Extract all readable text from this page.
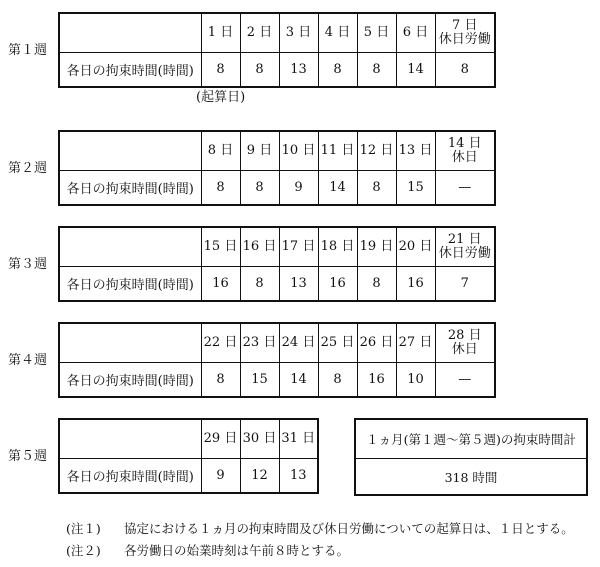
第１週

	1 日	2 日	3 日	4 日	5 日	6 日	7 日
休日労働

各日の拘束時間(時間)	8	8	13	8	8	14	8
第２週

	8 日	9 日	10 日	11 日	12 日	13 日	14 日
休日

各日の拘束時間(時間)	8	8	9	14	8	15	—
第３週

	15 日	16 日	17 日	18 日	19 日	20 日	21 日
休日労働

各日の拘束時間(時間)	16	8	13	16	8	16	7
第４週

	22 日	23 日	24 日	25 日	26 日	27 日	28 日
休日

各日の拘束時間(時間)	8	15	14	8	16	10	—
第５週

	29 日	30 日	31 日

各日の拘束時間(時間)	9	12	13
(起算日)
１ヵ月(第１週〜第５週)の拘束時間計
318 時間
(注１) 協定における１ヵ月の拘束時間及び休日労働についての起算日は、１日とする。
(注２) 各労働日の始業時刻は午前８時とする。
